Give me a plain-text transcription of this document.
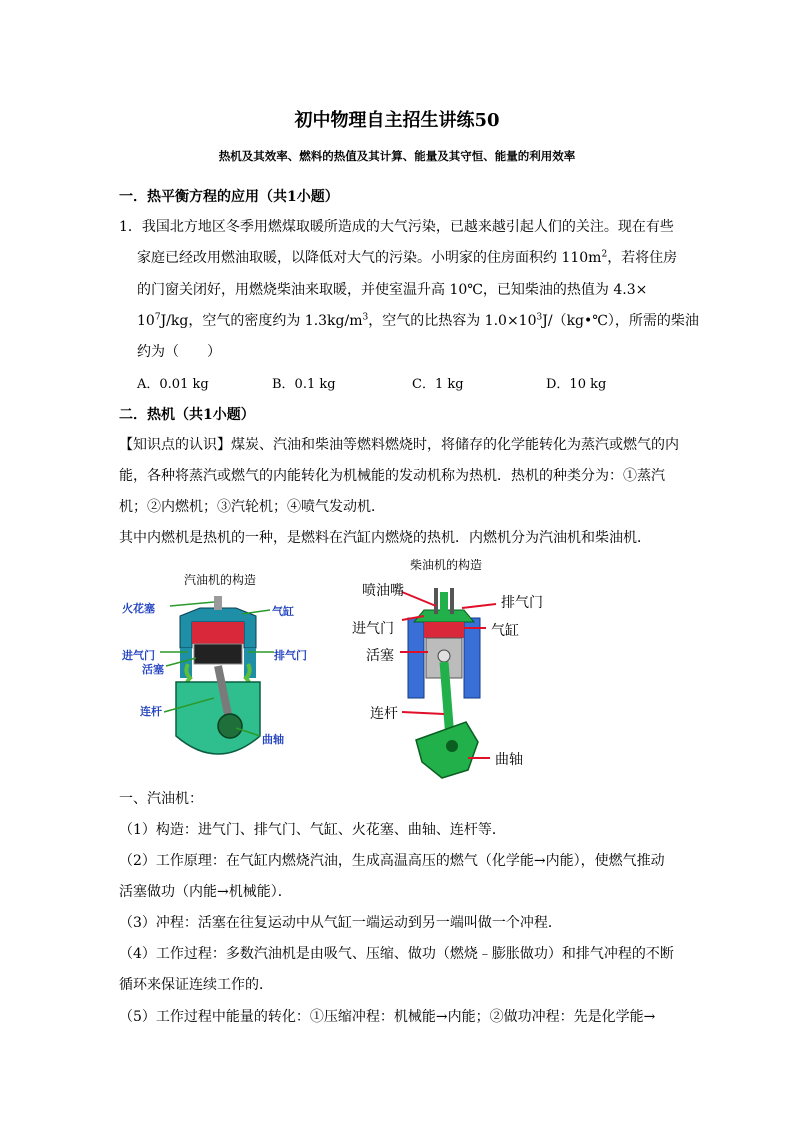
初中物理自主招生讲练50
热机及其效率、燃料的热值及其计算、能量及其守恒、能量的利用效率
一．热平衡方程的应用（共1小题）
1．我国北方地区冬季用燃煤取暖所造成的大气污染，已越来越引起人们的关注。现在有些
家庭已经改用燃油取暖，以降低对大气的污染。小明家的住房面积约 $110m^2$，若将住房
的门窗关闭好，用燃烧柴油来取暖，并使室温升高 10℃，已知柴油的热值为 4.3×
$10^7J/kg$，空气的密度约为 $1.3kg/m^3$，空气的比热容为 $1.0\times 10^3J/(kg•℃)$，所需的柴油
约为（　　）
A．0.01 kg	B．0.1 kg	C．1 kg	D．10 kg
二．热机（共1小题）
【知识点的认识】煤炭、汽油和柴油等燃料燃烧时，将储存的化学能转化为蒸汽或燃气的内
能，各种将蒸汽或燃气的内能转化为机械能的发动机称为热机．热机的种类分为：①蒸汽
机；②内燃机；③汽轮机；④喷气发动机．
其中内燃机是热机的一种，是燃料在汽缸内燃烧的热机．内燃机分为汽油机和柴油机．
汽油机的构造
火花塞	气缸
进气门	排气门
活塞
连杆
曲轴
柴油机的构造
喷油嘴
排气门
进气门	气缸
活塞
连杆
曲轴
一、汽油机：
（1）构造：进气门、排气门、气缸、火花塞、曲轴、连杆等．
（2）工作原理：在气缸内燃烧汽油，生成高温高压的燃气（化学能→内能），使燃气推动
活塞做功（内能→机械能）．
（3）冲程：活塞在往复运动中从气缸一端运动到另一端叫做一个冲程．
（4）工作过程：多数汽油机是由吸气、压缩、做功（燃烧﹣膨胀做功）和排气冲程的不断
循环来保证连续工作的．
（5）工作过程中能量的转化：①压缩冲程：机械能→内能；②做功冲程：先是化学能→
